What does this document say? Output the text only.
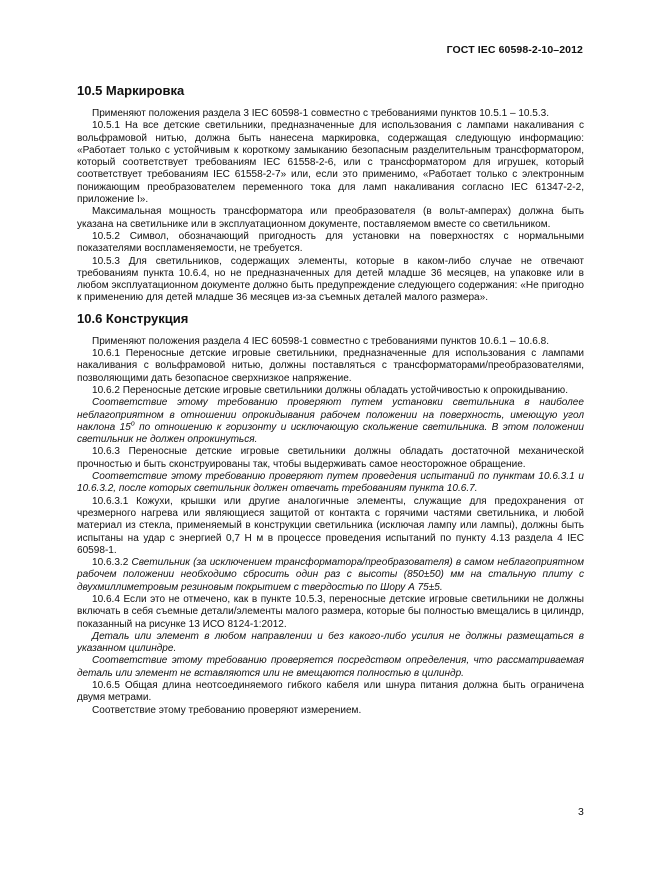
ГОСТ IEC 60598-2-10–2012
10.5 Маркировка

Применяют положения раздела 3 IEC 60598-1 совместно с требованиями пунктов 10.5.1 – 10.5.3.

10.5.1 На все детские светильники, предназначенные для использования с лампами накаливания с вольфрамовой нитью, должна быть нанесена маркировка, содержащая следующую информацию: «Работает только с устойчивым к короткому замыканию безопасным разделительным трансформатором, который соответствует требованиям IEC 61558-2-6, или с трансформатором для игрушек, который соответствует требованиям IEC 61558-2-7» или, если это применимо, «Работает только с электронным понижающим преобразователем переменного тока для ламп накаливания согласно IEC 61347-2-2, приложение I».

Максимальная мощность трансформатора или преобразователя (в вольт-амперах) должна быть указана на светильнике или в эксплуатационном документе, поставляемом вместе со светильником.

10.5.2 Символ, обозначающий пригодность для установки на поверхностях с нормальными показателями воспламеняемости, не требуется.

10.5.3 Для светильников, содержащих элементы, которые в каком-либо случае не отвечают требованиям пункта 10.6.4, но не предназначенных для детей младше 36 месяцев, на упаковке или в любом эксплуатационном документе должно быть предупреждение следующего содержания: «Не пригодно к применению для детей младше 36 месяцев из-за съемных деталей малого размера».

10.6 Конструкция

Применяют положения раздела 4 IEC 60598-1 совместно с требованиями пунктов 10.6.1 – 10.6.8.

10.6.1 Переносные детские игровые светильники, предназначенные для использования с лампами накаливания с вольфрамовой нитью, должны поставляться с трансформаторами/преобразователями, позволяющими дать безопасное сверхнизкое напряжение.

10.6.2 Переносные детские игровые светильники должны обладать устойчивостью к опрокидыванию.

Соответствие этому требованию проверяют путем установки светильника в наиболее неблагоприятном в отношении опрокидывания рабочем положении на поверхность, имеющую угол наклона 15$^o$ по отношению к горизонту и исключающую скольжение светильника. В этом положении светильник не должен опрокинуться.

10.6.3 Переносные детские игровые светильники должны обладать достаточной механической прочностью и быть сконструированы так, чтобы выдерживать самое неосторожное обращение.

Соответствие этому требованию проверяют путем проведения испытаний по пунктам 10.6.3.1 и 10.6.3.2, после которых светильник должен отвечать требованиям пункта 10.6.7.

10.6.3.1 Кожухи, крышки или другие аналогичные элементы, служащие для предохранения от чрезмерного нагрева или являющиеся защитой от контакта с горячими частями светильника, и любой материал из стекла, применяемый в конструкции светильника (исключая лампу или лампы), должны быть испытаны на удар с энергией 0,7 Н м в процессе проведения испытаний по пункту 4.13 раздела 4 IEC 60598-1.

10.6.3.2 Светильник (за исключением трансформатора/преобразователя) в самом неблагоприятном рабочем положении необходимо сбросить один раз с высоты (850±50) мм на стальную плиту с двухмиллиметровым резиновым покрытием с твердостью по Шору А 75±5.

10.6.4 Если это не отмечено, как в пункте 10.5.3, переносные детские игровые светильники не должны включать в себя съемные детали/элементы малого размера, которые бы полностью вмещались в цилиндр, показанный на рисунке 13 ИСО 8124-1:2012.

Деталь или элемент в любом направлении и без какого-либо усилия не должны размещаться в указанном цилиндре.

Соответствие этому требованию проверяется посредством определения, что рассматриваемая деталь или элемент не вставляются или не вмещаются полностью в цилиндр.

10.6.5 Общая длина неотсоединяемого гибкого кабеля или шнура питания должна быть ограничена двумя метрами.

Соответствие этому требованию проверяют измерением.

3
